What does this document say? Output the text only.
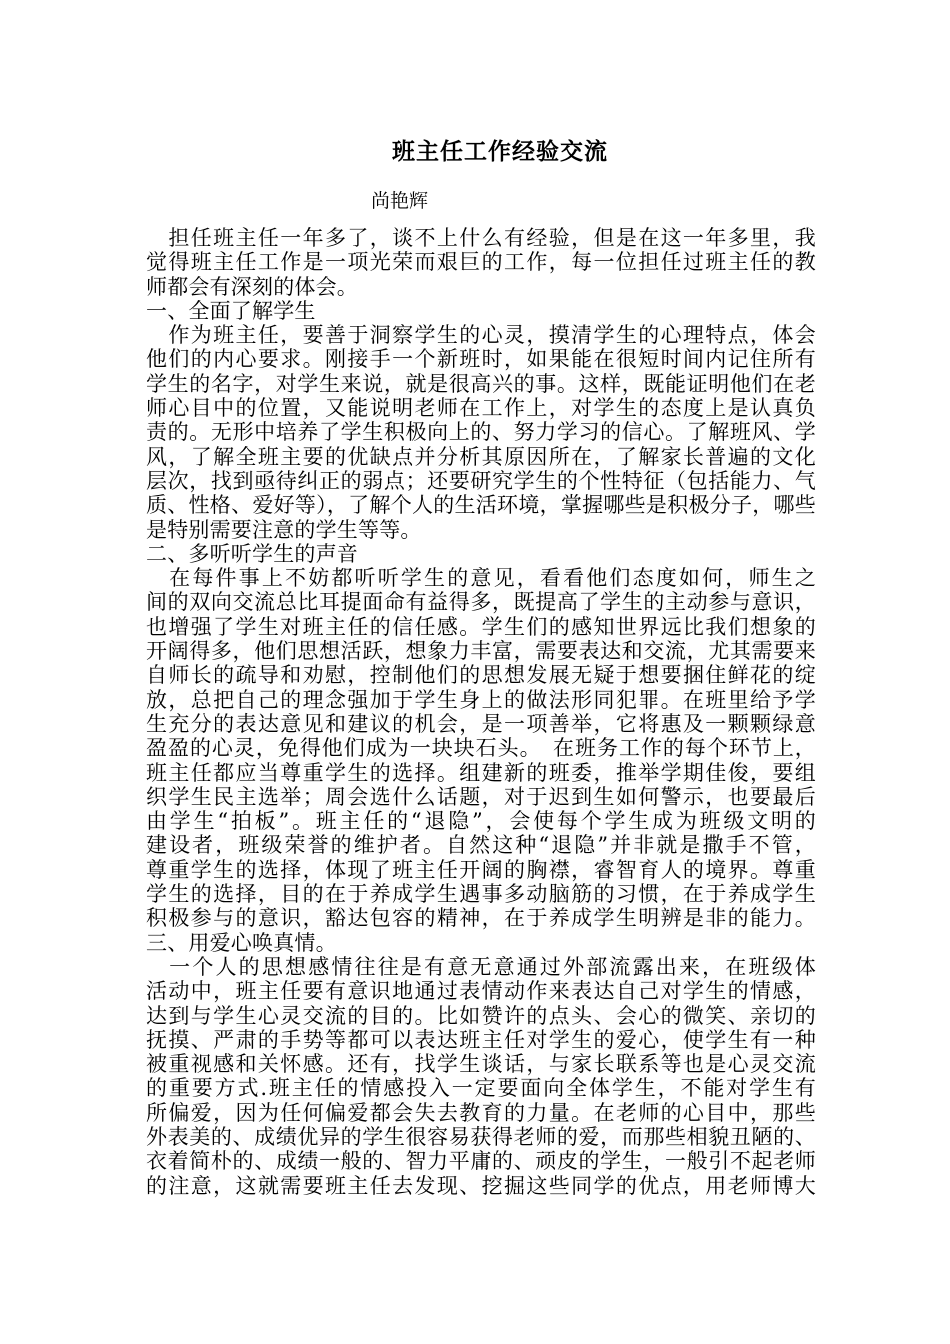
班主任工作经验交流
尚艳辉
　担任班主任一年多了，谈不上什么有经验，但是在这一年多里，我
觉得班主任工作是一项光荣而艰巨的工作，每一位担任过班主任的教
师都会有深刻的体会。
一、全面了解学生
　作为班主任，要善于洞察学生的心灵，摸清学生的心理特点，体会
他们的内心要求。刚接手一个新班时，如果能在很短时间内记住所有
学生的名字，对学生来说，就是很高兴的事。这样，既能证明他们在老
师心目中的位置，又能说明老师在工作上，对学生的态度上是认真负
责的。无形中培养了学生积极向上的、努力学习的信心。了解班风、学
风，了解全班主要的优缺点并分析其原因所在，了解家长普遍的文化
层次，找到亟待纠正的弱点；还要研究学生的个性特征（包括能力、气
质、性格、爱好等），了解个人的生活环境，掌握哪些是积极分子，哪些
是特别需要注意的学生等等。
二、多听听学生的声音
　在每件事上不妨都听听学生的意见，看看他们态度如何，师生之
间的双向交流总比耳提面命有益得多，既提高了学生的主动参与意识，
也增强了学生对班主任的信任感。学生们的感知世界远比我们想象的
开阔得多，他们思想活跃，想象力丰富，需要表达和交流，尤其需要来
自师长的疏导和劝慰，控制他们的思想发展无疑于想要捆住鲜花的绽
放，总把自己的理念强加于学生身上的做法形同犯罪。在班里给予学
生充分的表达意见和建议的机会，是一项善举，它将惠及一颗颗绿意
盈盈的心灵，免得他们成为一块块石头。　在班务工作的每个环节上，
班主任都应当尊重学生的选择。组建新的班委，推举学期佳俊，要组
织学生民主选举；周会选什么话题，对于迟到生如何警示，也要最后
由学生“拍板”。班主任的“退隐”，会使每个学生成为班级文明的
建设者，班级荣誉的维护者。自然这种“退隐”并非就是撒手不管，
尊重学生的选择，体现了班主任开阔的胸襟，睿智育人的境界。尊重
学生的选择，目的在于养成学生遇事多动脑筋的习惯，在于养成学生
积极参与的意识，豁达包容的精神，在于养成学生明辨是非的能力。
三、用爱心唤真情。
　一个人的思想感情往往是有意无意通过外部流露出来，在班级体
活动中，班主任要有意识地通过表情动作来表达自己对学生的情感，
达到与学生心灵交流的目的。比如赞许的点头、会心的微笑、亲切的
抚摸、严肃的手势等都可以表达班主任对学生的爱心，使学生有一种
被重视感和关怀感。还有，找学生谈话，与家长联系等也是心灵交流
的重要方式.班主任的情感投入一定要面向全体学生，不能对学生有
所偏爱，因为任何偏爱都会失去教育的力量。在老师的心目中，那些
外表美的、成绩优异的学生很容易获得老师的爱，而那些相貌丑陋的、
衣着简朴的、成绩一般的、智力平庸的、顽皮的学生，一般引不起老师
的注意，这就需要班主任去发现、挖掘这些同学的优点，用老师博大
